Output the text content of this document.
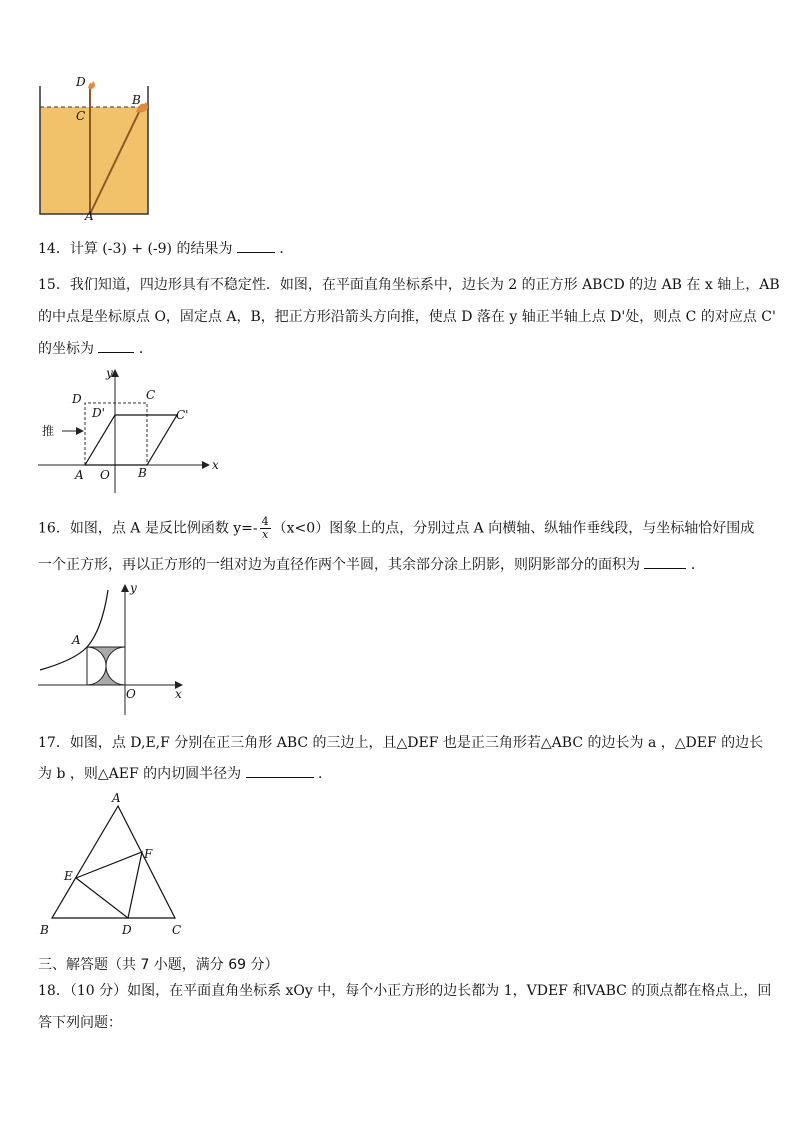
D
C
B
A
14．计算 (-3) + (-9) 的结果为	．
15．我们知道，四边形具有不稳定性．如图，在平面直角坐标系中，边长为 2 的正方形 ABCD 的边 AB 在 x 轴上，AB
的中点是坐标原点 O，固定点 A，B，把正方形沿箭头方向推，使点 D 落在 y 轴正半轴上点 D'处，则点 C 的对应点 C'
的坐标为	．
y
x
D	C
D'	C'
推
A O B
16．如图，点 A 是反比例函数 $y=- \frac{4}{x} (x<0)$图象上的点，分别过点 A 向横轴、纵轴作垂线段，与坐标轴恰好围成
一个正方形，再以正方形的一组对边为直径作两个半圆，其余部分涂上阴影，则阴影部分的面积为	．
y
x
A
O
17．如图，点 D,E,F 分别在正三角形 ABC 的三边上，且△DEF 也是正三角形若△ABC 的边长为 a ，△DEF 的边长
为 b ，则△AEF 的内切圆半径为	．
A
B	C
D
E
F
三、解答题（共 7 小题，满分 69 分）
18．（10 分）如图，在平面直角坐标系 xOy 中，每个小正方形的边长都为 1，VDEF 和VABC 的顶点都在格点上，回
答下列问题：
